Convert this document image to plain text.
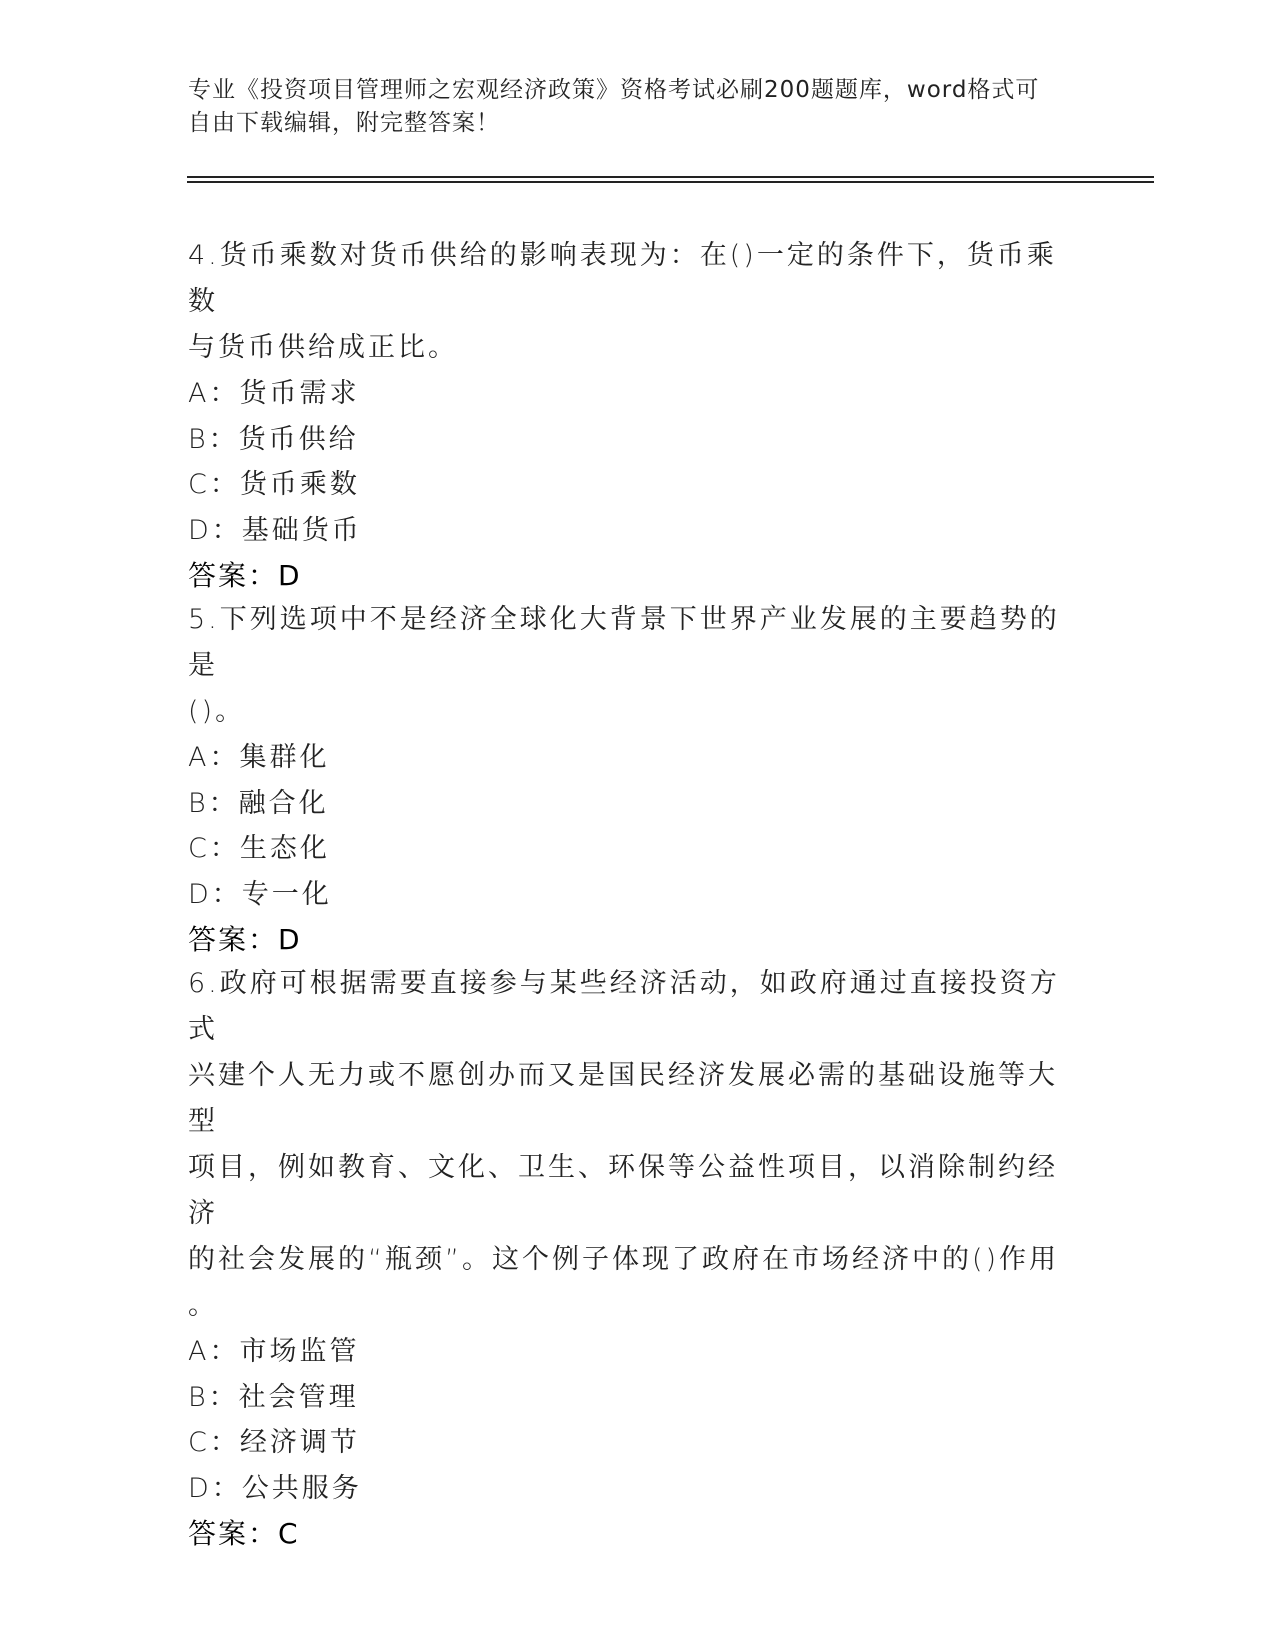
专业《投资项目管理师之宏观经济政策》资格考试必刷200题题库，word格式可
自由下载编辑，附完整答案！

4.货币乘数对货币供给的影响表现为：在()一定的条件下，货币乘数

与货币供给成正比。

A：货币需求

B：货币供给

C：货币乘数

D：基础货币

答案：D

5.下列选项中不是经济全球化大背景下世界产业发展的主要趋势的是

()。

A：集群化

B：融合化

C：生态化

D：专一化

答案：D

6.政府可根据需要直接参与某些经济活动，如政府通过直接投资方式

兴建个人无力或不愿创办而又是国民经济发展必需的基础设施等大型

项目，例如教育、文化、卫生、环保等公益性项目，以消除制约经济

的社会发展的“瓶颈”。这个例子体现了政府在市场经济中的()作用

。

A：市场监管

B：社会管理

C：经济调节

D：公共服务

答案：C
